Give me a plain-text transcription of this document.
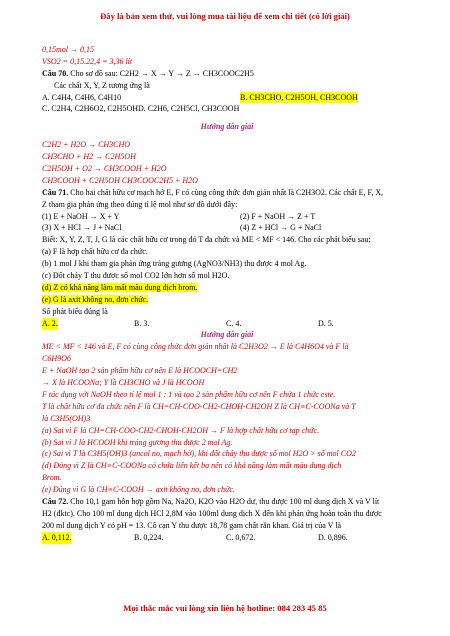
Đây là bản xem thử, vui lòng mua tài liệu để xem chi tiết (có lời giải)
0,15mol → 0,15
VSO2 = 0,15.22,4 = 3,36 lít
Câu 70. Cho sơ đồ sau: C2H2 → X → Y → Z → CH3COOC2H5
Các chất X, Y, Z tương ứng là
A. C4H4, C4H6, C4H10	B. CH3CHO, C2H5OH, CH3COOH
C. C2H4, C2H6O2, C2H5OH D. C2H6, C2H5Cl, CH3COOH
Hướng dẫn giải
C2H2 + H2O → CH3CHO
CH3CHO + H2 → C2H5OH
C2H5OH + O2 → CH3COOH + H2O
CH3COOH + C2H5OH CH3COOC2H5 + H2O
Câu 71. Cho hai chất hữu cơ mạch hở E, F có cùng công thức đơn giản nhất là C2H3O2. Các chất E, F, X,
Z tham gia phản ứng theo đúng tỉ lệ mol như sơ đồ dưới đây:
(1) E + NaOH → X + Y	(2) F + NaOH → Z + T
(3) X + HCl → J + NaCl	(4) Z + HCl → G + NaCl
Biết: X, Y, Z, T, J, G là các chất hữu cơ trong đó T đa chức và ME < MF < 146. Cho các phát biểu sau:
(a) F là hợp chất hữu cơ đa chức.
(b) 1 mol J khi tham gia phản ứng tráng gương (AgNO3/NH3) thu được 4 mol Ag.
(c) Đốt cháy T thu được số mol CO2 lớn hơn số mol H2O.
(d) Z có khả năng làm mất màu dung dịch brom.
(e) G là axit không no, đơn chức.
Số phát biểu đúng là
A. 2.	B. 3.	C. 4.	D. 5.
Hướng dẫn giải
ME < MF < 146 và E, F có cùng công thức đơn giản nhất là C2H3O2 → E là C4H6O4 và F là
C6H9O6
E + NaOH tạo 2 sản phẩm hữu cơ nên E là HCOOCH=CH2
→ X là HCOONa; Y là CH3CHO và J là HCOOH
F tác dụng với NaOH theo tỉ lệ mol 1 : 1 và tạo 2 sản phẩm hữu cơ nên F chứa 1 chức este.
T là chất hữu cơ đa chức nên F là CH=CH-COO-CH2-CHOH-CH2OH Z là CH≡C-COONa và T
là C3H5(OH)3
(a) Sai vì F là CH=CH-COO-CH2-CHOH-CH2OH → F là hợp chất hữu cơ tạp chức.
(b) Sai vì J là HCOOH khi tráng gương thu được 2 mol Ag.
(c) Sai vì T là C3H5(OH)3 (ancol no, mạch hở), khi đốt cháy thu được số mol H2O > số mol CO2
(d) Đúng vì Z là CH≡C-COONa có chứa liên kết ba nên có khả năng làm mất màu dung dịch
Brom.
(e) Đúng vì G là CH≡C-COOH → axit không no, đơn chức.
Câu 72. Cho 10,1 gam hỗn hợp gồm Na, Na2O, K2O vào H2O dư, thu được 100 ml dung dịch X và V lít
H2 (đktc). Cho 100 ml dung dịch HCl 2,8M vào 100ml dung dịch X đến khi phản ứng hoàn toàn thu được
200 ml dung dịch Y có pH = 13. Cô cạn Y thu được 18,78 gam chất rắn khan. Giá trị của V là
A. 0,112.	B. 0,224.	C. 0,672.	D. 0,896.
Mọi thắc mắc vui lòng xin liên hệ hotline: 084 283 45 85
